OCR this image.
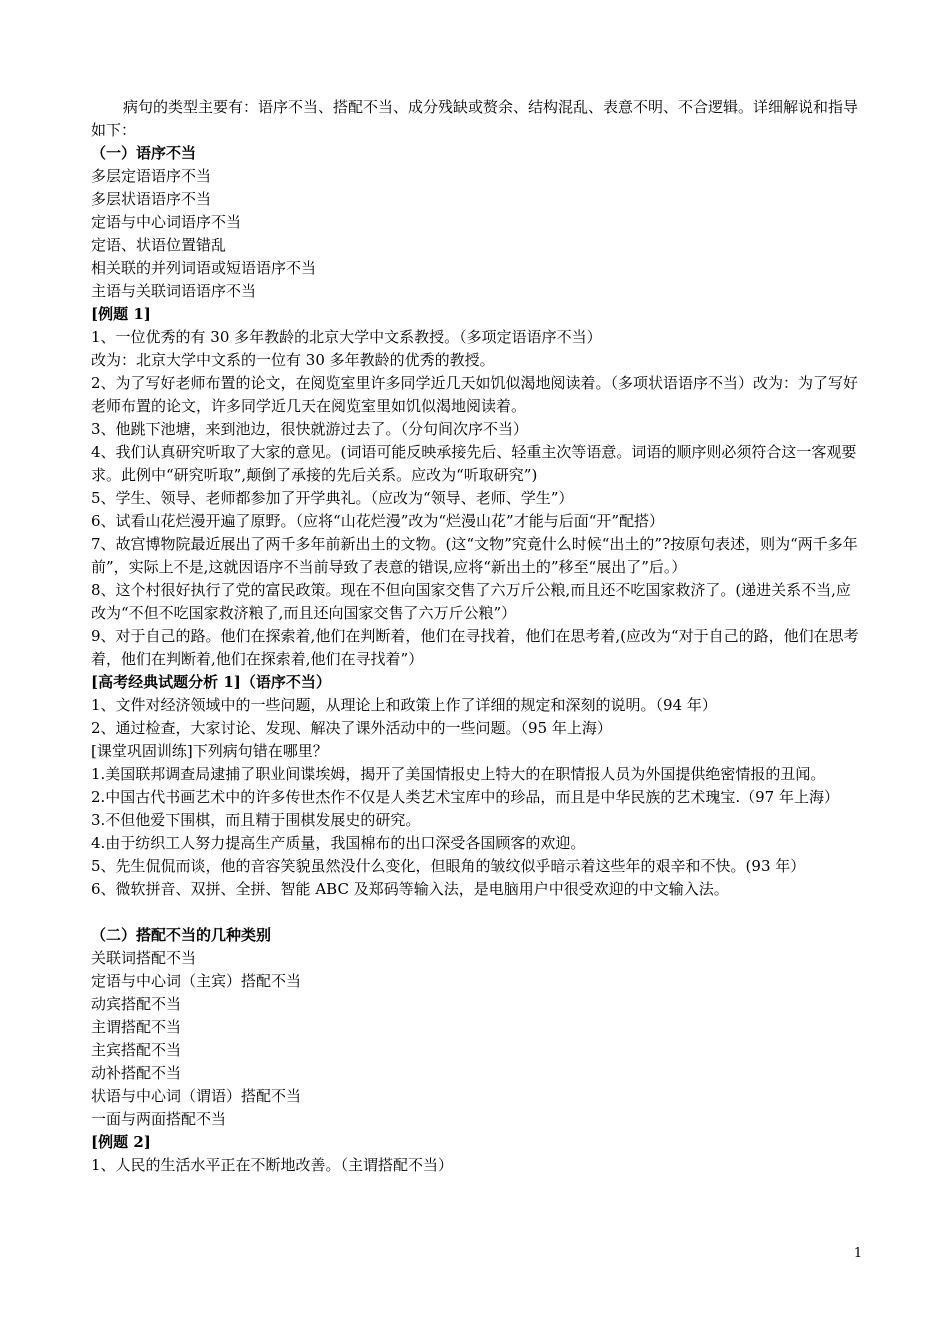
病句的类型主要有：语序不当、搭配不当、成分残缺或赘余、结构混乱、表意不明、不合逻辑。详细解说和指导如下：

（一）语序不当

多层定语语序不当

多层状语语序不当

定语与中心词语序不当

定语、状语位置错乱

相关联的并列词语或短语语序不当

主语与关联词语语序不当

[例题 1]

1、一位优秀的有 30 多年教龄的北京大学中文系教授。（多项定语语序不当）

改为：北京大学中文系的一位有 30 多年教龄的优秀的教授。

2、为了写好老师布置的论文，在阅览室里许多同学近几天如饥似渴地阅读着。（多项状语语序不当）改为：为了写好老师布置的论文，许多同学近几天在阅览室里如饥似渴地阅读着。

3、他跳下池塘，来到池边，很快就游过去了。（分句间次序不当）

4、我们认真研究听取了大家的意见。(词语可能反映承接先后、轻重主次等语意。词语的顺序则必须符合这一客观要求。此例中“研究听取”,颠倒了承接的先后关系。应改为“听取研究”)

5、学生、领导、老师都参加了开学典礼。（应改为“领导、老师、学生”）

6、试看山花烂漫开遍了原野。（应将“山花烂漫”改为“烂漫山花”才能与后面“开”配搭）

7、故宫博物院最近展出了两千多年前新出土的文物。(这“文物”究竟什么时候“出土的”?按原句表述，则为“两千多年前”，实际上不是,这就因语序不当前导致了表意的错误,应将“新出土的”移至“展出了”后。）

8、这个村很好执行了党的富民政策。现在不但向国家交售了六万斤公粮,而且还不吃国家救济了。(递进关系不当,应改为“不但不吃国家救济粮了,而且还向国家交售了六万斤公粮”）

9、对于自己的路。他们在探索着,他们在判断着，他们在寻找着，他们在思考着,(应改为“对于自己的路，他们在思考着，他们在判断着,他们在探索着,他们在寻找着”）

[高考经典试题分析 1]（语序不当）

1、文件对经济领域中的一些问题，从理论上和政策上作了详细的规定和深刻的说明。（94 年）

2、通过检查，大家讨论、发现、解决了课外活动中的一些问题。（95 年上海）

[课堂巩固训练]下列病句错在哪里？

1.美国联邦调查局逮捕了职业间谍埃姆，揭开了美国情报史上特大的在职情报人员为外国提供绝密情报的丑闻。

2.中国古代书画艺术中的许多传世杰作不仅是人类艺术宝库中的珍品，而且是中华民族的艺术瑰宝.（97 年上海）

3.不但他爱下围棋，而且精于围棋发展史的研究。

4.由于纺织工人努力提高生产质量，我国棉布的出口深受各国顾客的欢迎。

5、先生侃侃而谈，他的音容笑貌虽然没什么变化，但眼角的皱纹似乎暗示着这些年的艰辛和不快。(93 年）

6、微软拼音、双拼、全拼、智能 ABC 及郑码等输入法，是电脑用户中很受欢迎的中文输入法。

（二）搭配不当的几种类别

关联词搭配不当

定语与中心词（主宾）搭配不当

动宾搭配不当

主谓搭配不当

主宾搭配不当

动补搭配不当

状语与中心词（谓语）搭配不当

一面与两面搭配不当

[例题 2]

1、人民的生活水平正在不断地改善。（主谓搭配不当）

1
